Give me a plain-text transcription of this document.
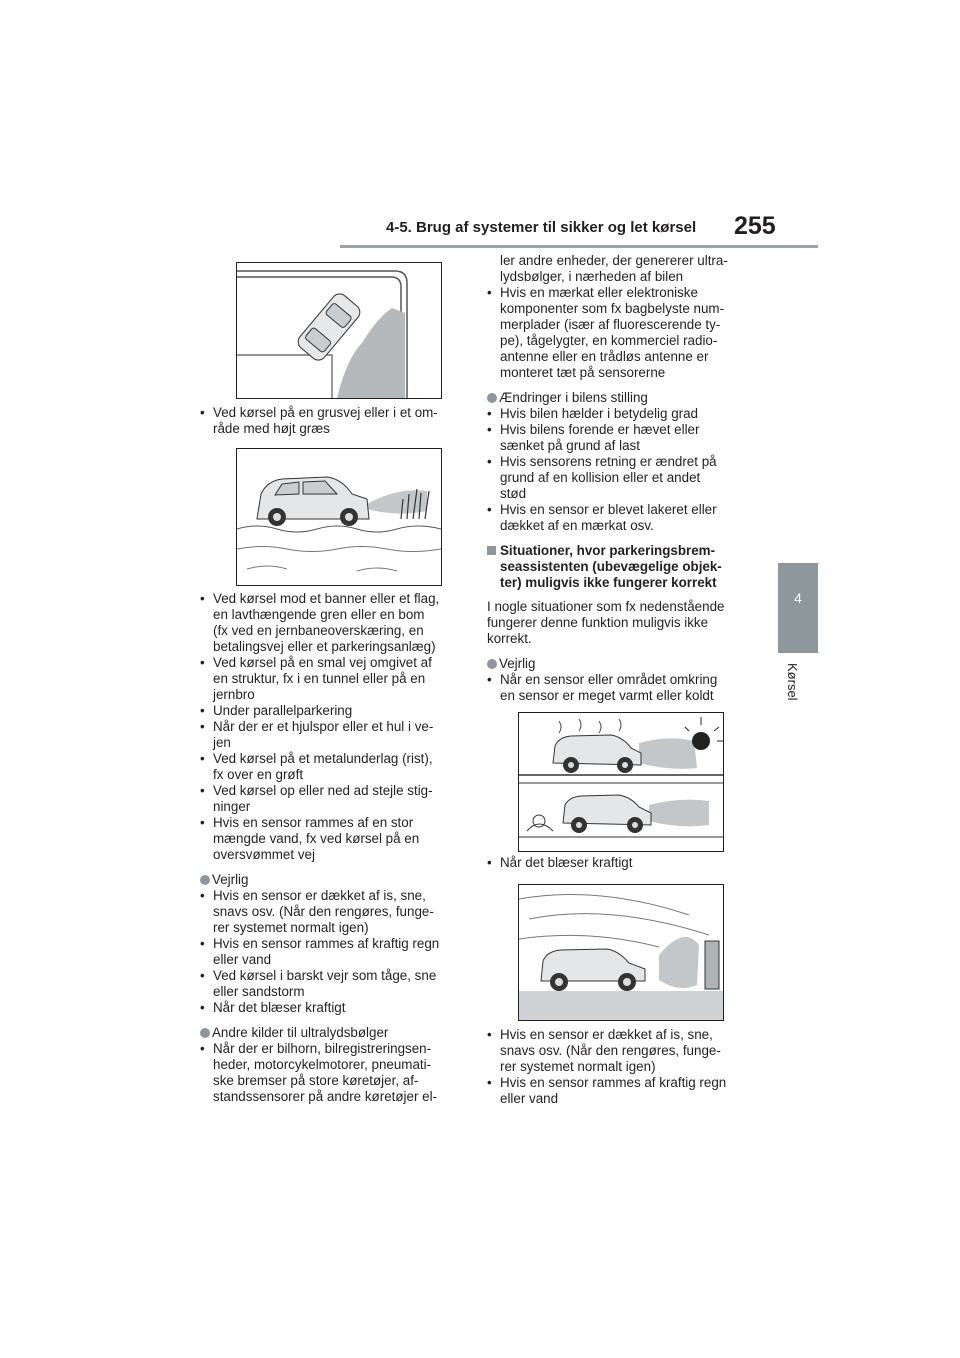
4-5. Brug af systemer til sikker og let kørsel 255
4
Kørsel
• Ved kørsel på en grusvej eller i et om-
råde med højt græs
• Ved kørsel mod et banner eller et flag,
en lavthængende gren eller en bom
(fx ved en jernbaneoverskæring, en
betalingsvej eller et parkeringsanlæg)
• Ved kørsel på en smal vej omgivet af
en struktur, fx i en tunnel eller på en
jernbro
• Under parallelparkering
• Når der er et hjulspor eller et hul i ve-
jen
• Ved kørsel på et metalunderlag (rist),
fx over en grøft
• Ved kørsel op eller ned ad stejle stig-
ninger
• Hvis en sensor rammes af en stor
mængde vand, fx ved kørsel på en
oversvømmet vej
Vejrlig
• Hvis en sensor er dækket af is, sne,
snavs osv. (Når den rengøres, funge-
rer systemet normalt igen)
• Hvis en sensor rammes af kraftig regn
eller vand
• Ved kørsel i barskt vejr som tåge, sne
eller sandstorm
• Når det blæser kraftigt
Andre kilder til ultralydsbølger
• Når der er bilhorn, bilregistreringsen-
heder, motorcykelmotorer, pneumati-
ske bremser på store køretøjer, af-
standssensorer på andre køretøjer el-
ler andre enheder, der genererer ultra-
lydsbølger, i nærheden af bilen
• Hvis en mærkat eller elektroniske
komponenter som fx bagbelyste num-
merplader (især af fluorescerende ty-
pe), tågelygter, en kommerciel radio-
antenne eller en trådløs antenne er
monteret tæt på sensorerne
Ændringer i bilens stilling
• Hvis bilen hælder i betydelig grad
• Hvis bilens forende er hævet eller
sænket på grund af last
• Hvis sensorens retning er ændret på
grund af en kollision eller et andet
stød
• Hvis en sensor er blevet lakeret eller
dækket af en mærkat osv.
Situationer, hvor parkeringsbrem-
seassistenten (ubevægelige objek-
ter) muligvis ikke fungerer korrekt
I nogle situationer som fx nedenstående
fungerer denne funktion muligvis ikke
korrekt.
Vejrlig
• Når en sensor eller området omkring
en sensor er meget varmt eller koldt
• Når det blæser kraftigt
• Hvis en sensor er dækket af is, sne,
snavs osv. (Når den rengøres, funge-
rer systemet normalt igen)
• Hvis en sensor rammes af kraftig regn
eller vand
